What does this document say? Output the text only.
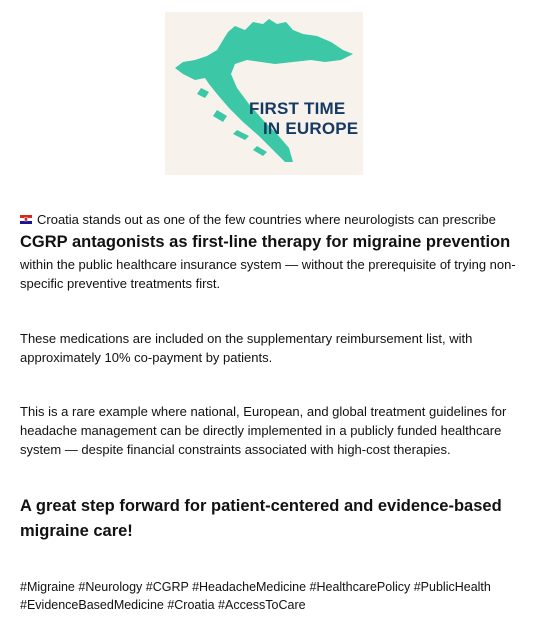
FIRST TIME
IN EUROPE

Croatia stands out as one of the few countries where neurologists can prescribe

CGRP antagonists as first-line therapy for migraine prevention

within the public healthcare insurance system — without the prerequisite of trying non-specific preventive treatments first.

These medications are included on the supplementary reimbursement list, with approximately 10% co-payment by patients.

This is a rare example where national, European, and global treatment guidelines for headache management can be directly implemented in a publicly funded healthcare system — despite financial constraints associated with high-cost therapies.

A great step forward for patient-centered and evidence-based migraine care!

#Migraine #Neurology #CGRP #HeadacheMedicine #HealthcarePolicy #PublicHealth #EvidenceBasedMedicine #Croatia #AccessToCare
